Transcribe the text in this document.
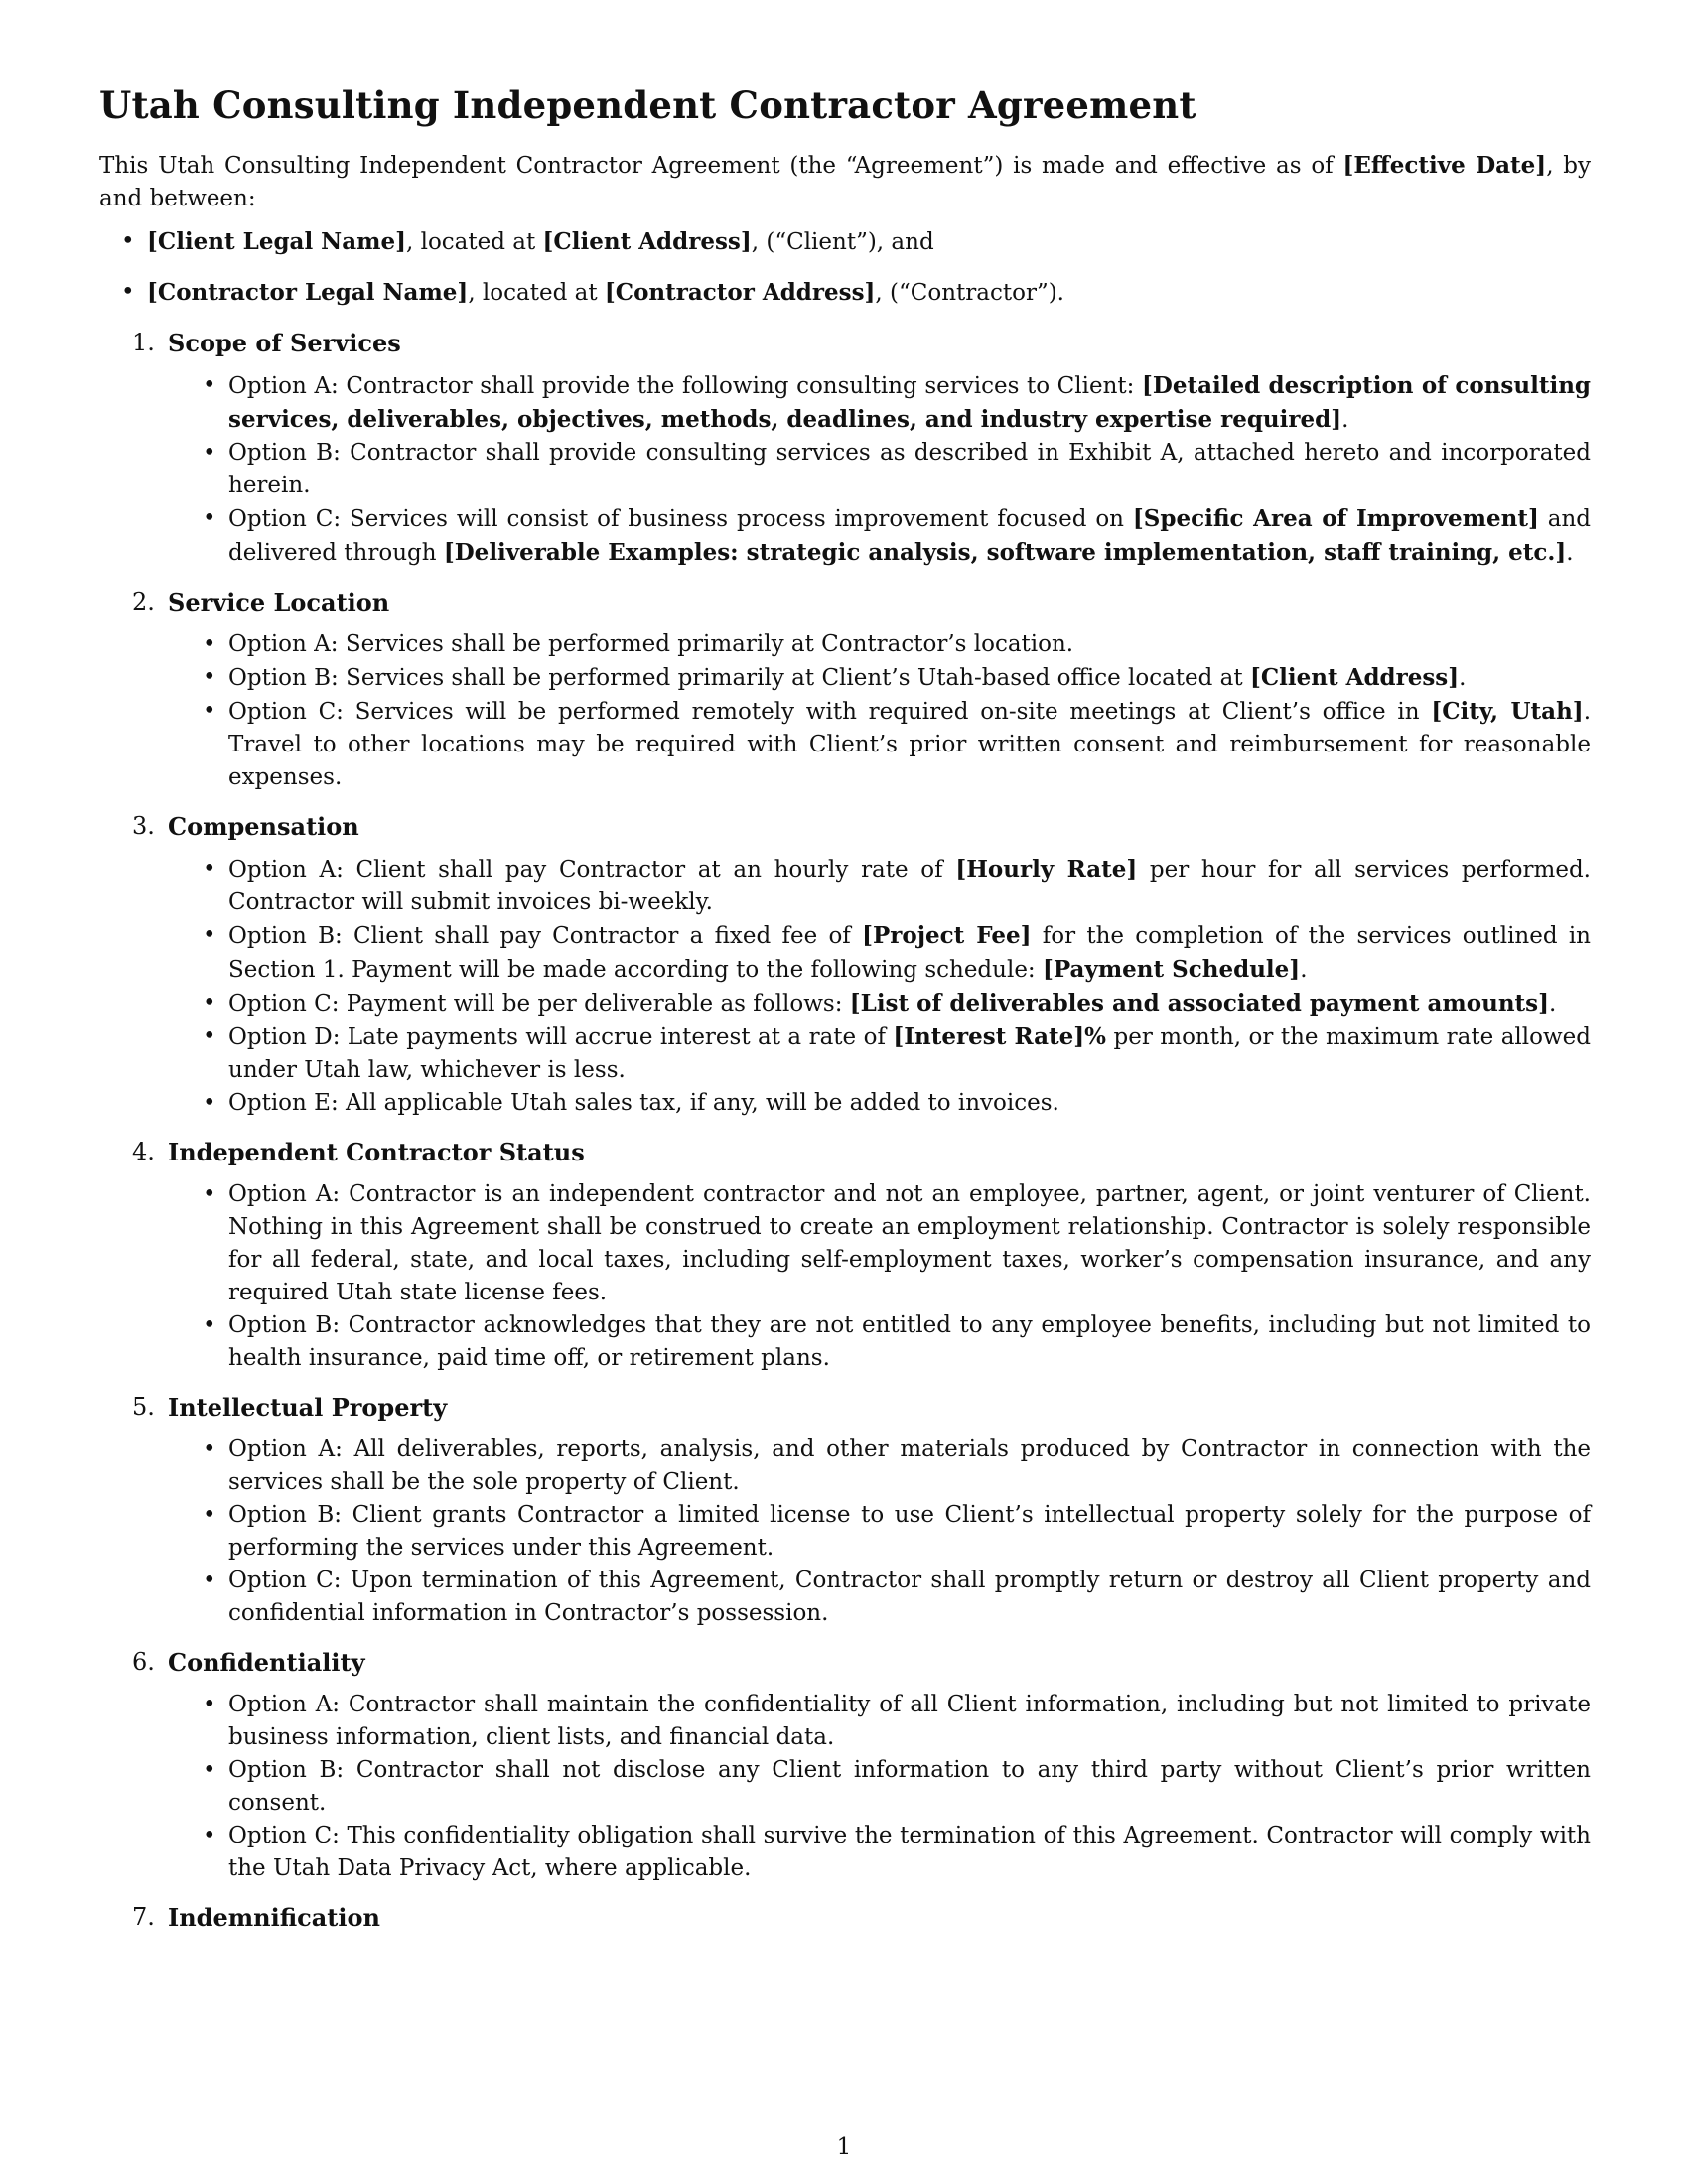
Utah Consulting Independent Contractor Agreement

This Utah Consulting Independent Contractor Agreement (the “Agreement”) is made and effective as of [Effective Date], by and between:

• [Client Legal Name], located at [Client Address], (“Client”), and
• [Contractor Legal Name], located at [Contractor Address], (“Contractor”).
1. Scope of Services
• Option A: Contractor shall provide the following consulting services to Client: [Detailed description of consulting services, deliverables, objectives, methods, deadlines, and industry expertise required].
• Option B: Contractor shall provide consulting services as described in Exhibit A, attached hereto and incorporated herein.
• Option C: Services will consist of business process improvement focused on [Specific Area of Improvement] and delivered through [Deliverable Examples: strategic analysis, software implementation, staff training, etc.].
2. Service Location
• Option A: Services shall be performed primarily at Contractor’s location.
• Option B: Services shall be performed primarily at Client’s Utah-based office located at [Client Address].
• Option C: Services will be performed remotely with required on-site meetings at Client’s office in [City, Utah]. Travel to other locations may be required with Client’s prior written consent and reimbursement for reasonable expenses.
3. Compensation
• Option A: Client shall pay Contractor at an hourly rate of [Hourly Rate] per hour for all services performed. Contractor will submit invoices bi-weekly.
• Option B: Client shall pay Contractor a fixed fee of [Project Fee] for the completion of the services outlined in Section 1. Payment will be made according to the following schedule: [Payment Schedule].
• Option C: Payment will be per deliverable as follows: [List of deliverables and associated payment amounts].
• Option D: Late payments will accrue interest at a rate of [Interest Rate]% per month, or the maximum rate allowed under Utah law, whichever is less.
• Option E: All applicable Utah sales tax, if any, will be added to invoices.
4. Independent Contractor Status
• Option A: Contractor is an independent contractor and not an employee, partner, agent, or joint venturer of Client. Nothing in this Agreement shall be construed to create an employment relationship. Contractor is solely responsible for all federal, state, and local taxes, including self-employment taxes, worker’s compensation insurance, and any required Utah state license fees.
• Option B: Contractor acknowledges that they are not entitled to any employee benefits, including but not limited to health insurance, paid time off, or retirement plans.
5. Intellectual Property
• Option A: All deliverables, reports, analysis, and other materials produced by Contractor in connection with the services shall be the sole property of Client.
• Option B: Client grants Contractor a limited license to use Client’s intellectual property solely for the purpose of performing the services under this Agreement.
• Option C: Upon termination of this Agreement, Contractor shall promptly return or destroy all Client property and confidential information in Contractor’s possession.
6. Confidentiality
• Option A: Contractor shall maintain the confidentiality of all Client information, including but not limited to private business information, client lists, and financial data.
• Option B: Contractor shall not disclose any Client information to any third party without Client’s prior written consent.
• Option C: This confidentiality obligation shall survive the termination of this Agreement. Contractor will comply with the Utah Data Privacy Act, where applicable.
7. Indemnification
1
